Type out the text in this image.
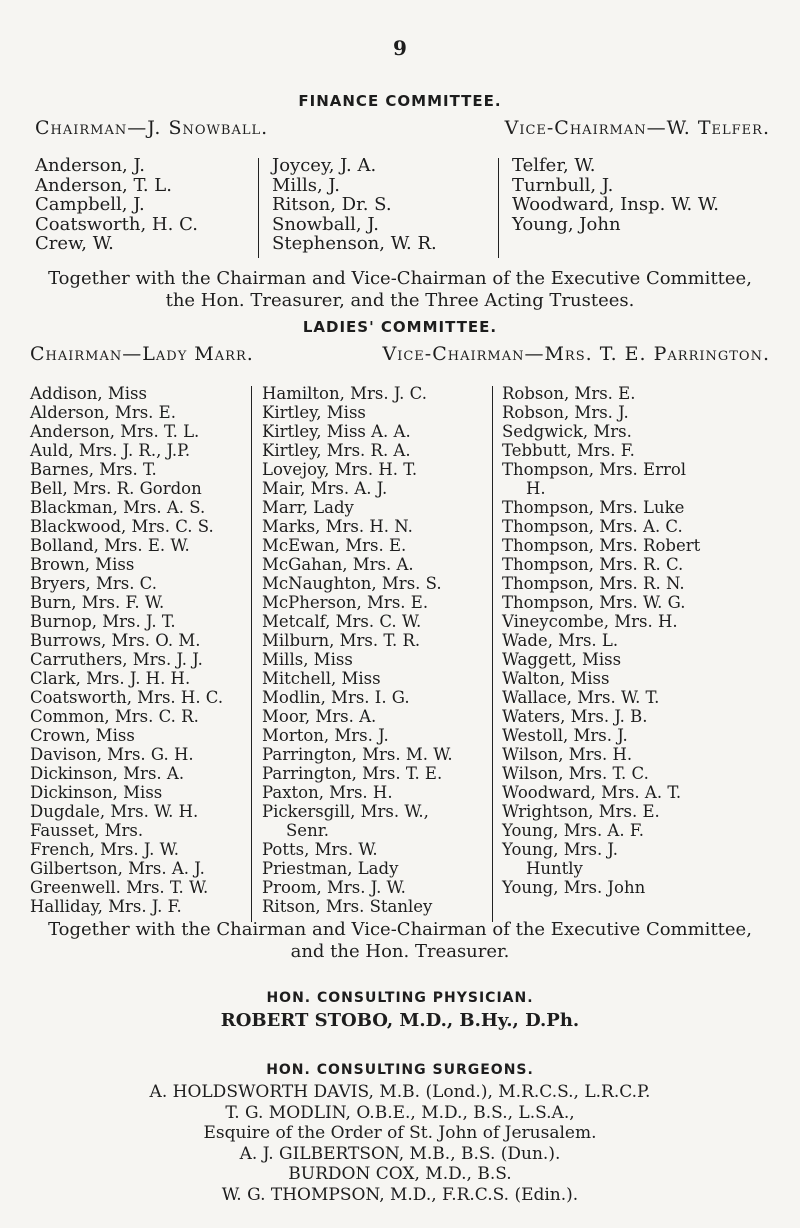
9
FINANCE COMMITTEE.
Chairman—J. Snowball.	Vice-Chairman—W. Telfer.
Anderson, J.
Anderson, T. L.
Campbell, J.
Coatsworth, H. C.
Crew, W.
Joycey, J. A.
Mills, J.
Ritson, Dr. S.
Snowball, J.
Stephenson, W. R.
Telfer, W.
Turnbull, J.
Woodward, Insp. W. W.
Young, John
Together with the Chairman and Vice-Chairman of the Executive Committee,
the Hon. Treasurer, and the Three Acting Trustees.
LADIES' COMMITTEE.
Chairman—Lady Marr.	Vice-Chairman—Mrs. T. E. Parrington.
Addison, Miss
Alderson, Mrs. E.
Anderson, Mrs. T. L.
Auld, Mrs. J. R., J.P.
Barnes, Mrs. T.
Bell, Mrs. R. Gordon
Blackman, Mrs. A. S.
Blackwood, Mrs. C. S.
Bolland, Mrs. E. W.
Brown, Miss
Bryers, Mrs. C.
Burn, Mrs. F. W.
Burnop, Mrs. J. T.
Burrows, Mrs. O. M.
Carruthers, Mrs. J. J.
Clark, Mrs. J. H. H.
Coatsworth, Mrs. H. C.
Common, Mrs. C. R.
Crown, Miss
Davison, Mrs. G. H.
Dickinson, Mrs. A.
Dickinson, Miss
Dugdale, Mrs. W. H.
Fausset, Mrs.
French, Mrs. J. W.
Gilbertson, Mrs. A. J.
Greenwell. Mrs. T. W.
Halliday, Mrs. J. F.
Hamilton, Mrs. J. C.
Kirtley, Miss
Kirtley, Miss A. A.
Kirtley, Mrs. R. A.
Lovejoy, Mrs. H. T.
Mair, Mrs. A. J.
Marr, Lady
Marks, Mrs. H. N.
McEwan, Mrs. E.
McGahan, Mrs. A.
McNaughton, Mrs. S.
McPherson, Mrs. E.
Metcalf, Mrs. C. W.
Milburn, Mrs. T. R.
Mills, Miss
Mitchell, Miss
Modlin, Mrs. I. G.
Moor, Mrs. A.
Morton, Mrs. J.
Parrington, Mrs. M. W.
Parrington, Mrs. T. E.
Paxton, Mrs. H.
Pickersgill, Mrs. W.,
Senr.
Potts, Mrs. W.
Priestman, Lady
Proom, Mrs. J. W.
Ritson, Mrs. Stanley
Robson, Mrs. E.
Robson, Mrs. J.
Sedgwick, Mrs.
Tebbutt, Mrs. F.
Thompson, Mrs. Errol
H.
Thompson, Mrs. Luke
Thompson, Mrs. A. C.
Thompson, Mrs. Robert
Thompson, Mrs. R. C.
Thompson, Mrs. R. N.
Thompson, Mrs. W. G.
Vineycombe, Mrs. H.
Wade, Mrs. L.
Waggett, Miss
Walton, Miss
Wallace, Mrs. W. T.
Waters, Mrs. J. B.
Westoll, Mrs. J.
Wilson, Mrs. H.
Wilson, Mrs. T. C.
Woodward, Mrs. A. T.
Wrightson, Mrs. E.
Young, Mrs. A. F.
Young, Mrs. J.
Huntly
Young, Mrs. John
Together with the Chairman and Vice-Chairman of the Executive Committee,
and the Hon. Treasurer.
HON. CONSULTING PHYSICIAN.
ROBERT STOBO, M.D., B.Hy., D.Ph.
HON. CONSULTING SURGEONS.
A. HOLDSWORTH DAVIS, M.B. (Lond.), M.R.C.S., L.R.C.P.
T. G. MODLIN, O.B.E., M.D., B.S., L.S.A.,
Esquire of the Order of St. John of Jerusalem.
A. J. GILBERTSON, M.B., B.S. (Dun.).
BURDON COX, M.D., B.S.
W. G. THOMPSON, M.D., F.R.C.S. (Edin.).
